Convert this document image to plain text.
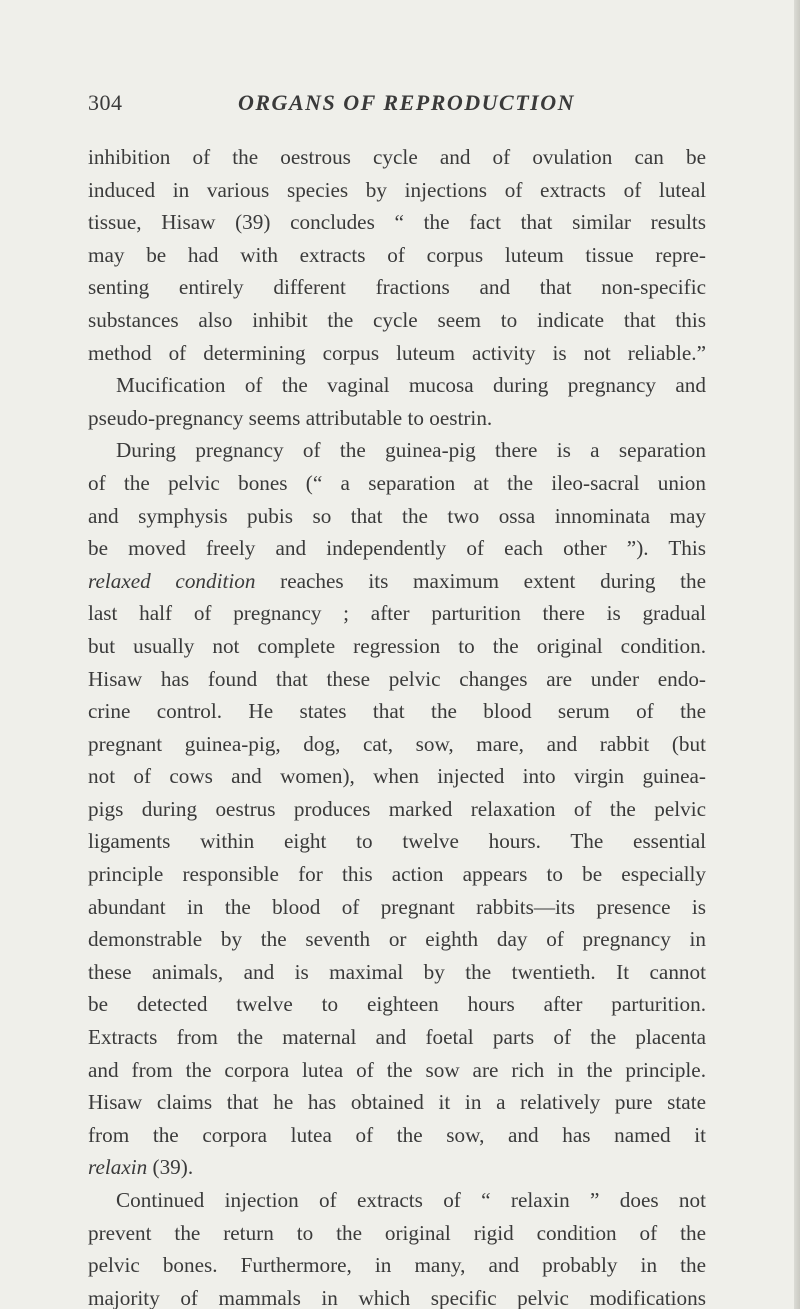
304	ORGANS OF REPRODUCTION
inhibition of the oestrous cycle and of ovulation can be
induced in various species by injections of extracts of luteal
tissue, Hisaw (39) concludes “ the fact that similar results
may be had with extracts of corpus luteum tissue repre-
senting entirely different fractions and that non-specific
substances also inhibit the cycle seem to indicate that this
method of determining corpus luteum activity is not reliable.”
Mucification of the vaginal mucosa during pregnancy and
pseudo-pregnancy seems attributable to oestrin.
During pregnancy of the guinea-pig there is a separation
of the pelvic bones (“ a separation at the ileo-sacral union
and symphysis pubis so that the two ossa innominata may
be moved freely and independently of each other ”). This
relaxed condition reaches its maximum extent during the
last half of pregnancy ; after parturition there is gradual
but usually not complete regression to the original condition.
Hisaw has found that these pelvic changes are under endo-
crine control. He states that the blood serum of the
pregnant guinea-pig, dog, cat, sow, mare, and rabbit (but
not of cows and women), when injected into virgin guinea-
pigs during oestrus produces marked relaxation of the pelvic
ligaments within eight to twelve hours. The essential
principle responsible for this action appears to be especially
abundant in the blood of pregnant rabbits—its presence is
demonstrable by the seventh or eighth day of pregnancy in
these animals, and is maximal by the twentieth. It cannot
be detected twelve to eighteen hours after parturition.
Extracts from the maternal and foetal parts of the placenta
and from the corpora lutea of the sow are rich in the principle.
Hisaw claims that he has obtained it in a relatively pure state
from the corpora lutea of the sow, and has named it
relaxin (39).
Continued injection of extracts of “ relaxin ” does not
prevent the return to the original rigid condition of the
pelvic bones. Furthermore, in many, and probably in the
majority of mammals in which specific pelvic modifications
